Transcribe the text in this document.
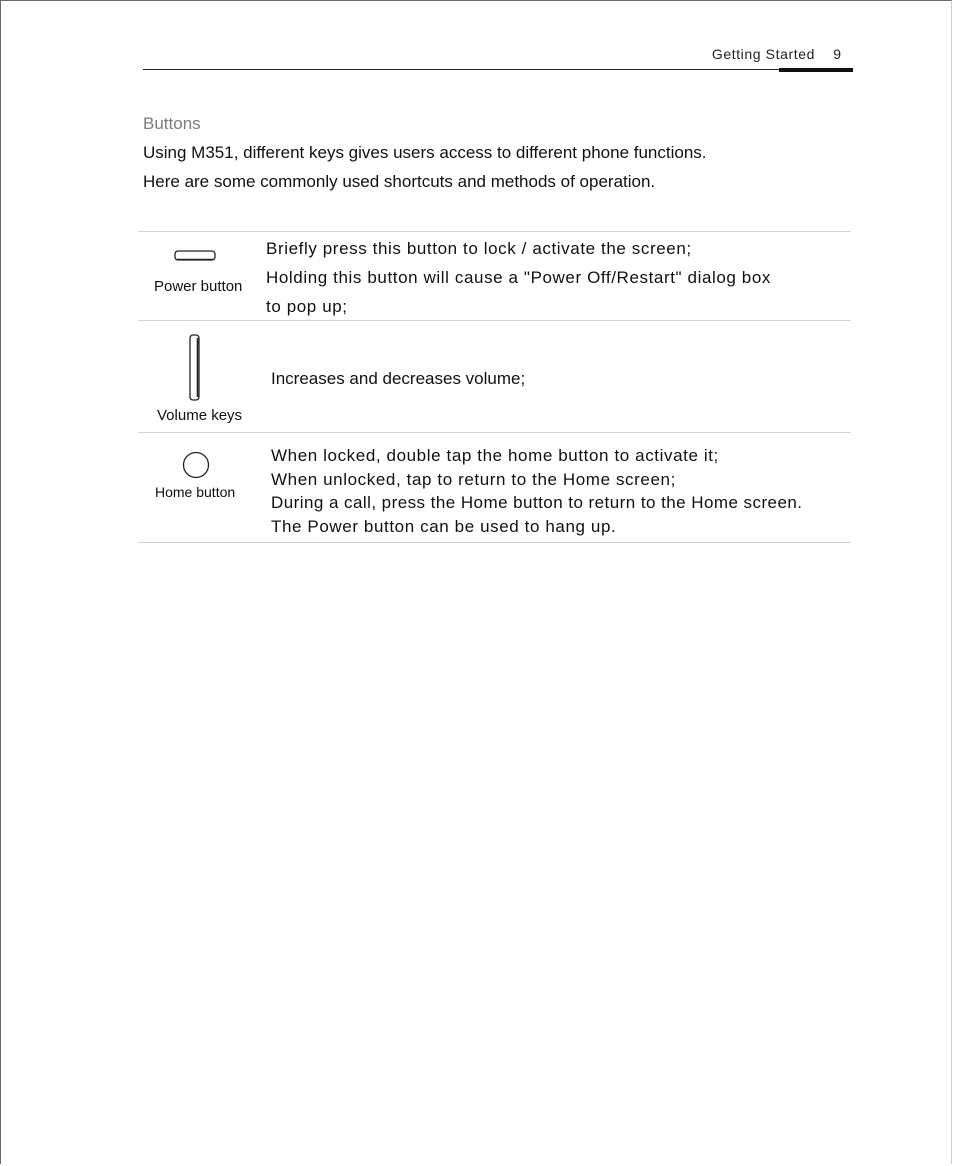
Getting Started 9
Buttons
Using M351, different keys gives users access to different phone functions.
Here are some commonly used shortcuts and methods of operation.
Power button
Briefly press this button to lock / activate the screen;
Holding this button will cause a "Power Off/Restart" dialog box
to pop up;
Volume keys
Increases and decreases volume;
Home button
When locked, double tap the home button to activate it;
When unlocked, tap to return to the Home screen;
During a call, press the Home button to return to the Home screen.
The Power button can be used to hang up.
